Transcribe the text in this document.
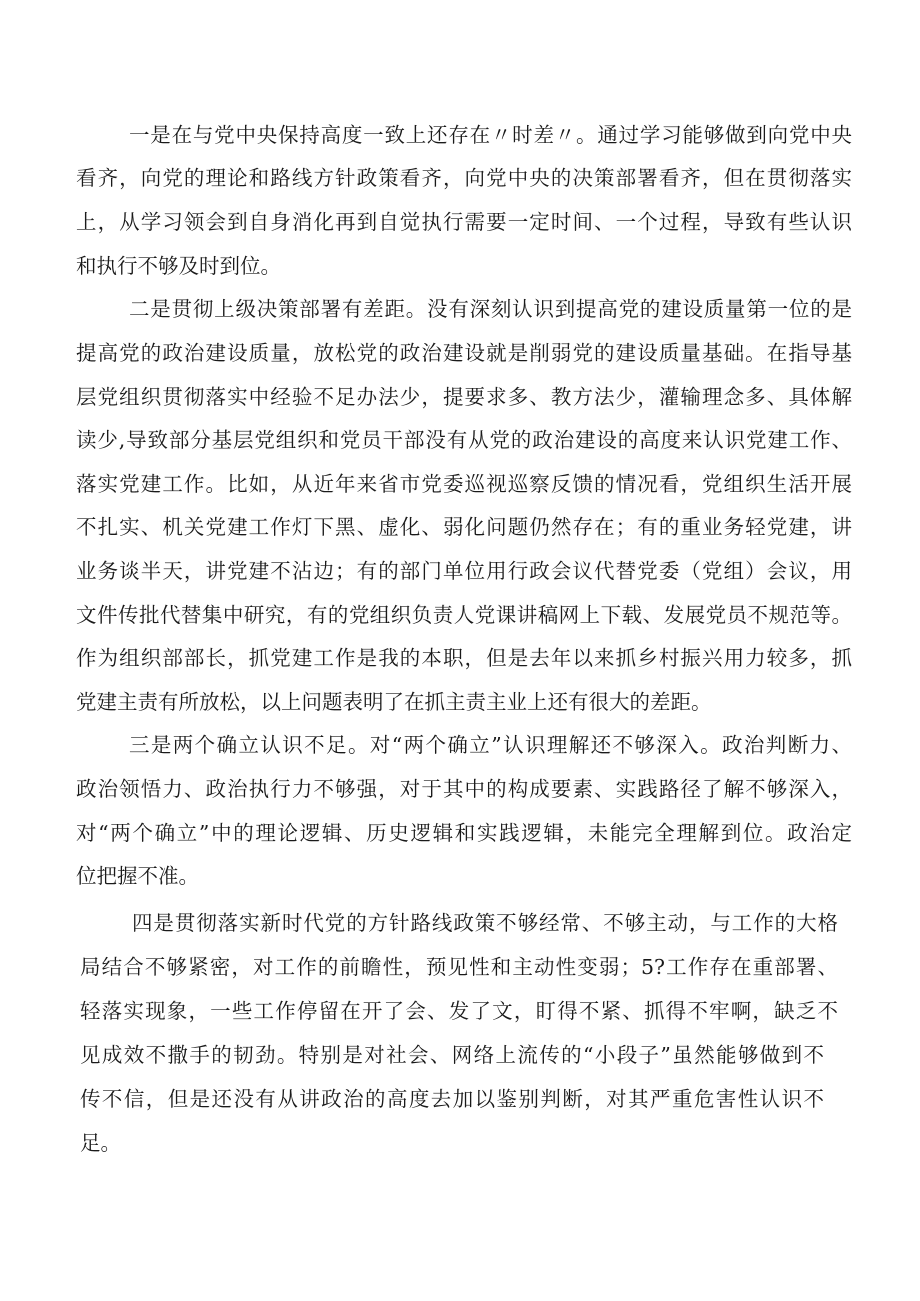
一是在与党中央保持高度一致上还存在〃时差〃。通过学习能够做到向党中央
看齐，向党的理论和路线方针政策看齐，向党中央的决策部署看齐，但在贯彻落实
上，从学习领会到自身消化再到自觉执行需要一定时间、一个过程，导致有些认识
和执行不够及时到位。
二是贯彻上级决策部署有差距。没有深刻认识到提高党的建设质量第一位的是
提高党的政治建设质量，放松党的政治建设就是削弱党的建设质量基础。在指导基
层党组织贯彻落实中经验不足办法少，提要求多、教方法少，灌输理念多、具体解
读少,导致部分基层党组织和党员干部没有从党的政治建设的高度来认识党建工作、
落实党建工作。比如，从近年来省市党委巡视巡察反馈的情况看，党组织生活开展
不扎实、机关党建工作灯下黑、虚化、弱化问题仍然存在；有的重业务轻党建，讲
业务谈半天，讲党建不沾边；有的部门单位用行政会议代替党委（党组）会议，用
文件传批代替集中研究，有的党组织负责人党课讲稿网上下载、发展党员不规范等。
作为组织部部长，抓党建工作是我的本职，但是去年以来抓乡村振兴用力较多，抓
党建主责有所放松，以上问题表明了在抓主责主业上还有很大的差距。
三是两个确立认识不足。对“两个确立”认识理解还不够深入。政治判断力、
政治领悟力、政治执行力不够强，对于其中的构成要素、实践路径了解不够深入，
对“两个确立”中的理论逻辑、历史逻辑和实践逻辑，未能完全理解到位。政治定
位把握不准。
四是贯彻落实新时代党的方针路线政策不够经常、不够主动，与工作的大格
局结合不够紧密，对工作的前瞻性，预见性和主动性变弱；5?工作存在重部署、
轻落实现象，一些工作停留在开了会、发了文，盯得不紧、抓得不牢啊，缺乏不
见成效不撒手的韧劲。特别是对社会、网络上流传的“小段子”虽然能够做到不
传不信，但是还没有从讲政治的高度去加以鉴别判断，对其严重危害性认识不
足。
